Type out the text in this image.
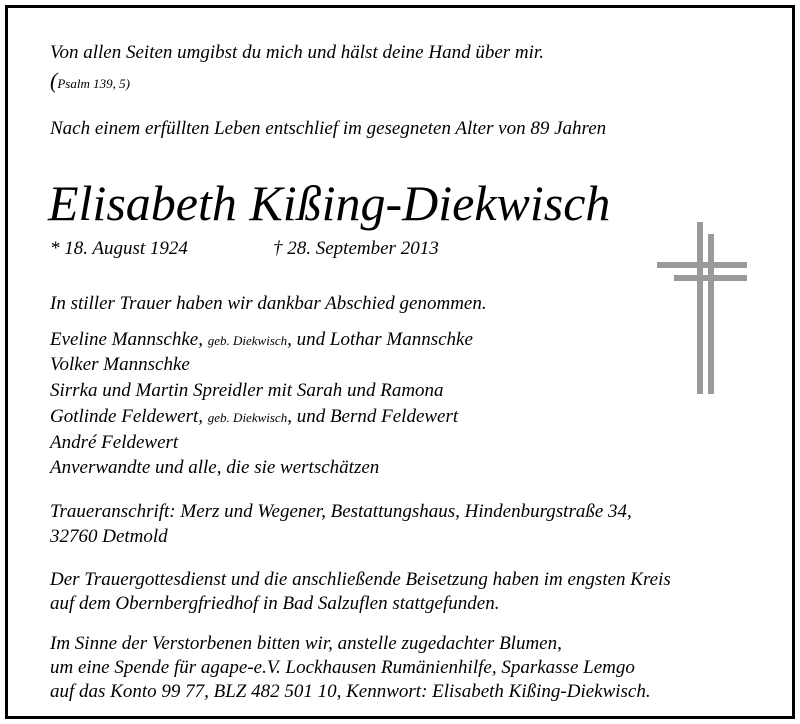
Von allen Seiten umgibst du mich und hälst deine Hand über mir.
(Psalm 139, 5)
Nach einem erfüllten Leben entschlief im gesegneten Alter von 89 Jahren
Elisabeth Kißing-Diekwisch
* 18. August 1924	† 28. September 2013
In stiller Trauer haben wir dankbar Abschied genommen.
Eveline Mannschke, geb. Diekwisch, und Lothar Mannschke
Volker Mannschke
Sirrka und Martin Spreidler mit Sarah und Ramona
Gotlinde Feldewert, geb. Diekwisch, und Bernd Feldewert
André Feldewert
Anverwandte und alle, die sie wertschätzen
Traueranschrift: Merz und Wegener, Bestattungshaus, Hindenburgstraße 34,
32760 Detmold
Der Trauergottesdienst und die anschließende Beisetzung haben im engsten Kreis
auf dem Obernbergfriedhof in Bad Salzuflen stattgefunden.
Im Sinne der Verstorbenen bitten wir, anstelle zugedachter Blumen,
um eine Spende für agape-e.V. Lockhausen Rumänienhilfe, Sparkasse Lemgo
auf das Konto 99 77, BLZ 482 501 10, Kennwort: Elisabeth Kißing-Diekwisch.
